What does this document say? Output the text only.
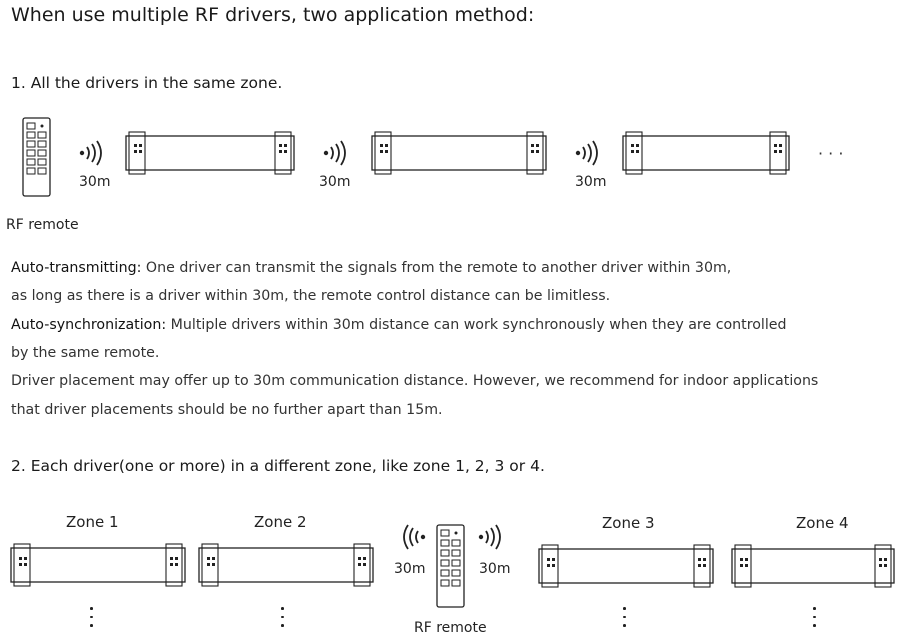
When use multiple RF drivers, two application method:
1. All the drivers in the same zone.
RF remote
30m	30m	30m
· · ·
Auto-transmitting: One driver can transmit the signals from the remote to another driver within 30m,
as long as there is a driver within 30m, the remote control distance can be limitless.
Auto-synchronization: Multiple drivers within 30m distance can work synchronously when they are controlled
by the same remote.
Driver placement may offer up to 30m communication distance. However, we recommend for indoor applications
that driver placements should be no further apart than 15m.
2. Each driver(one or more) in a different zone, like zone 1, 2, 3 or 4.
Zone 1	Zone 2	Zone 3	Zone 4
30m	30m
RF remote
